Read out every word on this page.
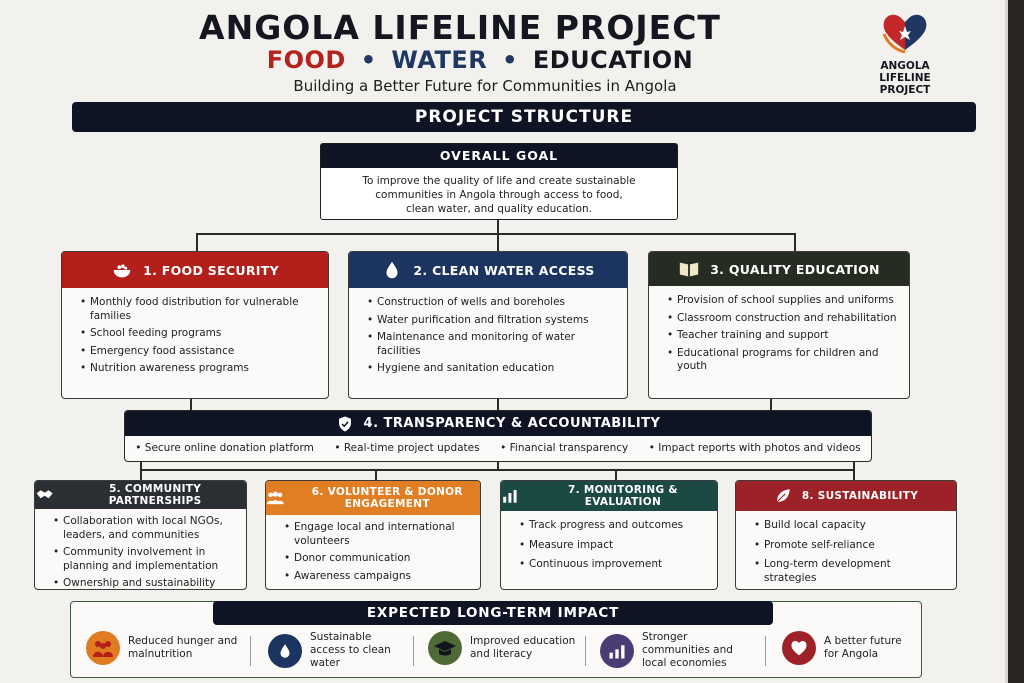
ANGOLA LIFELINE PROJECT
FOOD • WATER • EDUCATION
Building a Better Future for Communities in Angola
ANGOLA
LIFELINE
PROJECT
PROJECT STRUCTURE
OVERALL GOAL
To improve the quality of life and create sustainable communities in Angola through access to food, clean water, and quality education.
1. FOOD SECURITY
• Monthly food distribution for vulnerable families
• School feeding programs
• Emergency food assistance
• Nutrition awareness programs
2. CLEAN WATER ACCESS
• Construction of wells and boreholes
• Water purification and filtration systems
• Maintenance and monitoring of water facilities
• Hygiene and sanitation education
3. QUALITY EDUCATION
• Provision of school supplies and uniforms
• Classroom construction and rehabilitation
• Teacher training and support
• Educational programs for children and youth
4. TRANSPARENCY & ACCOUNTABILITY
• Secure online donation platform	• Real-time project updates	• Financial transparency	• Impact reports with photos and videos
5. COMMUNITY PARTNERSHIPS
• Collaboration with local NGOs, leaders, and communities
• Community involvement in planning and implementation
• Ownership and sustainability
6. VOLUNTEER & DONOR ENGAGEMENT
• Engage local and international volunteers
• Donor communication
• Awareness campaigns
7. MONITORING & EVALUATION
• Track progress and outcomes
• Measure impact
• Continuous improvement
8. SUSTAINABILITY
• Build local capacity
• Promote self-reliance
• Long-term development strategies
EXPECTED LONG-TERM IMPACT
Reduced hunger and malnutrition
Sustainable access to clean water
Improved education and literacy
Stronger communities and local economies
A better future for Angola
